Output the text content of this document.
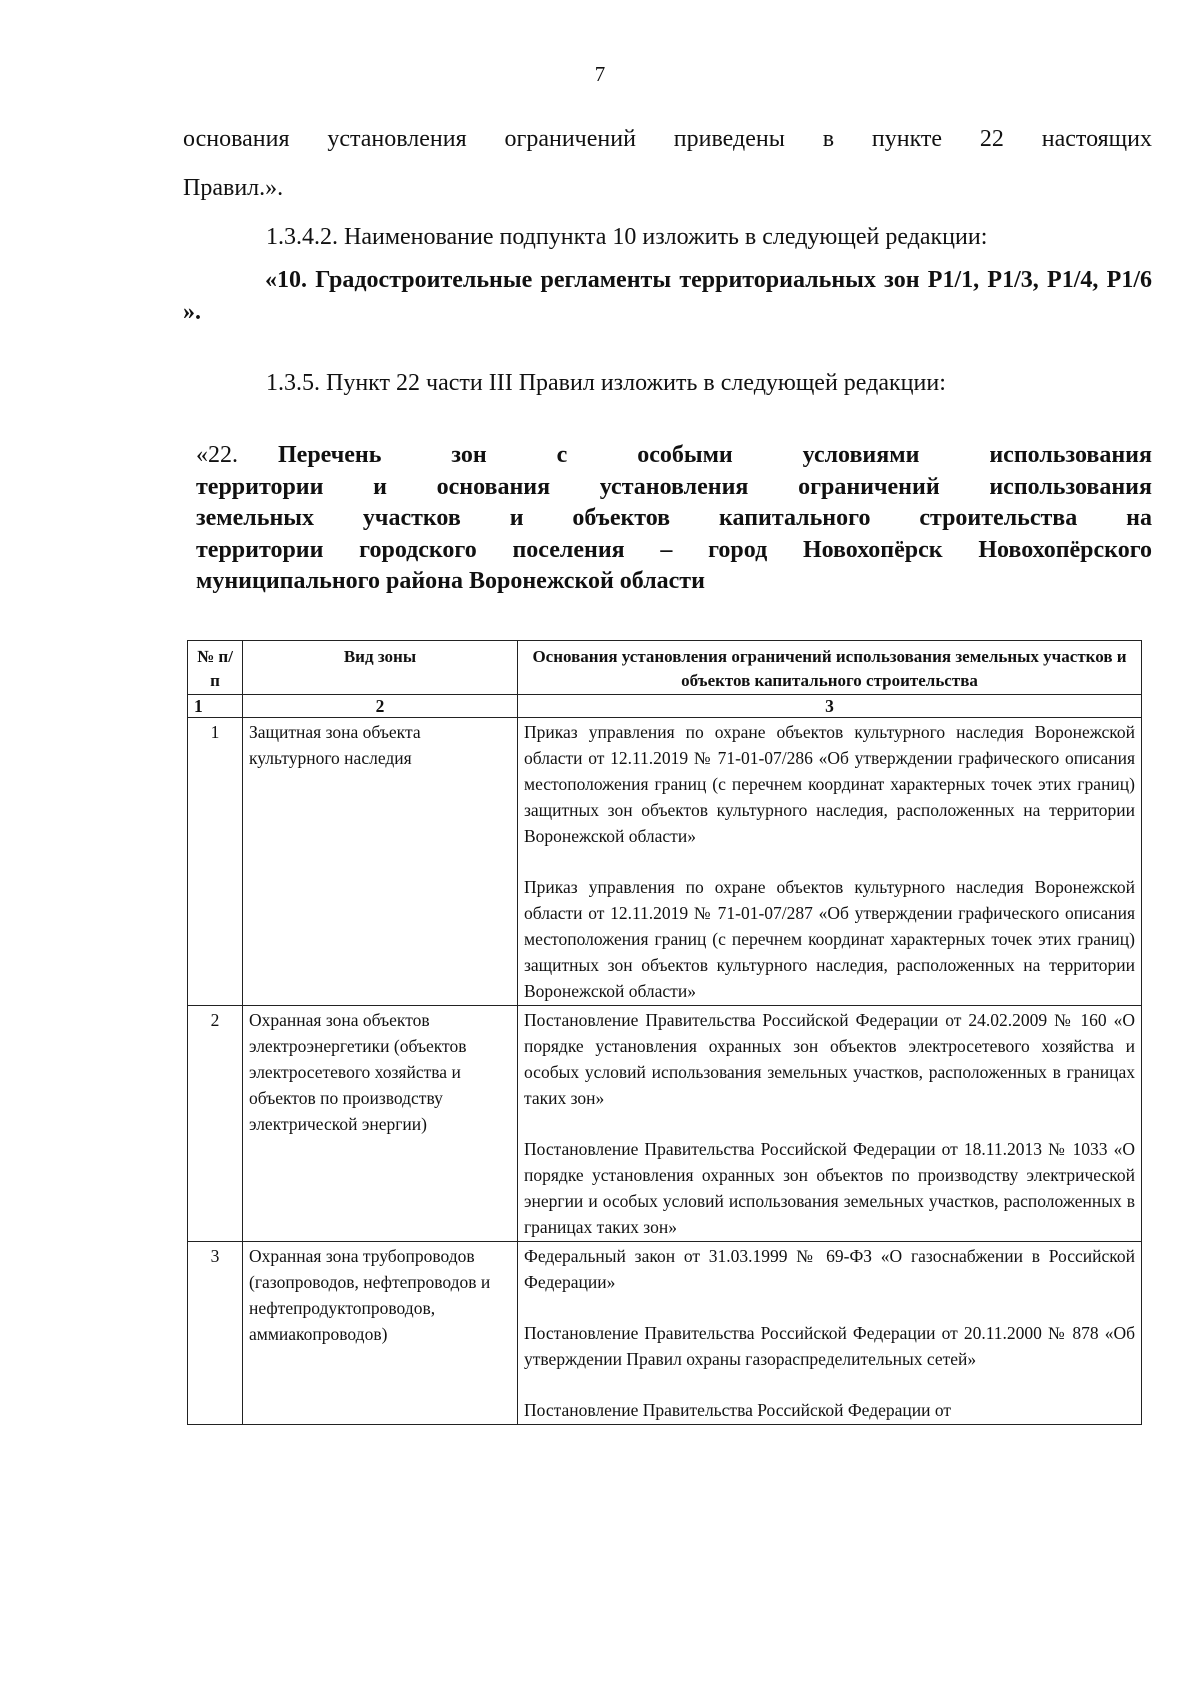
7

основания установления ограничений приведены в пункте 22 настоящих

Правил.».

1.3.4.2. Наименование подпункта 10 изложить в следующей редакции:

«10. Градостроительные регламенты территориальных зон Р1/1, Р1/3, Р1/4, Р1/6 ».

1.3.5. Пункт 22 части III Правил изложить в следующей редакции:

«22. Перечень зон с особыми условиями использования
территории и основания установления ограничений использования
земельных участков и объектов капитального строительства на
территории городского поселения – город Новохопёрск Новохопёрского
муниципального района Воронежской области
№ п/п	Вид зоны	Основания установления ограничений использования земельных участков и объектов капитального строительства
1	2	3
1	Защитная зона объекта культурного наследия	Приказ управления по охране объектов культурного наследия Воронежской области от 12.11.2019 № 71-01-07/286 «Об утверждении графического описания местоположения границ (с перечнем координат характерных точек этих границ) защитных зон объектов культурного наследия, расположенных на территории Воронежской области»

Приказ управления по охране объектов культурного наследия Воронежской области от 12.11.2019 № 71-01-07/287 «Об утверждении графического описания местоположения границ (с перечнем координат характерных точек этих границ) защитных зон объектов культурного наследия, расположенных на территории Воронежской области»

2	Охранная зона объектов электроэнергетики (объектов электросетевого хозяйства и объектов по производству электрической энергии)	Постановление Правительства Российской Федерации от 24.02.2009 № 160 «О порядке установления охранных зон объектов электросетевого хозяйства и особых условий использования земельных участков, расположенных в границах таких зон»

Постановление Правительства Российской Федерации от 18.11.2013 № 1033 «О порядке установления охранных зон объектов по производству электрической энергии и особых условий использования земельных участков, расположенных в границах таких зон»

3	Охранная зона трубопроводов (газопроводов, нефтепроводов и нефтепродуктопроводов, аммиакопроводов)	Федеральный закон от 31.03.1999 № 69-ФЗ «О газоснабжении в Российской Федерации»

Постановление Правительства Российской Федерации от 20.11.2000 № 878 «Об утверждении Правил охраны газораспределительных сетей»

Постановление Правительства Российской Федерации от
